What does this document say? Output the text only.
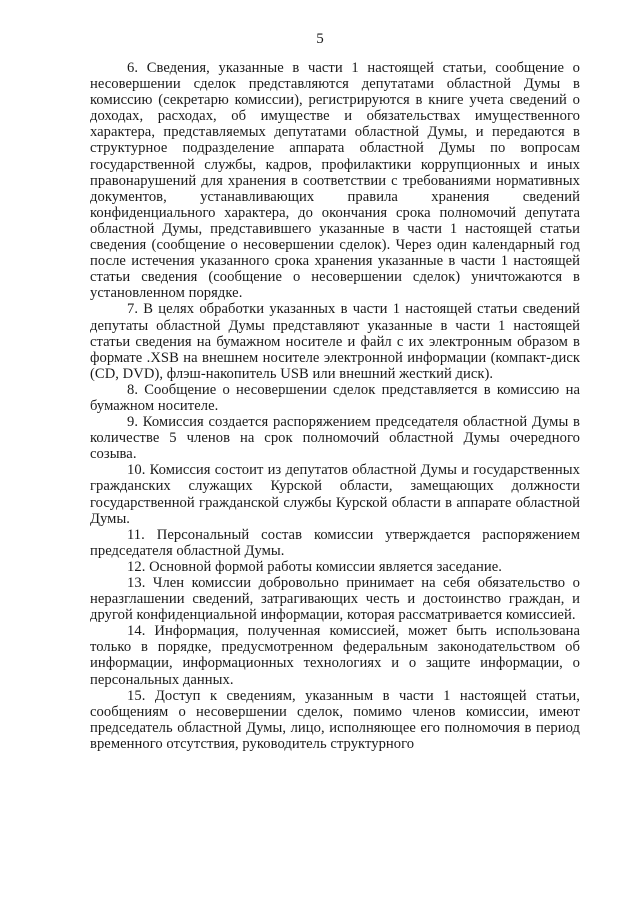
5

6. Сведения, указанные в части 1 настоящей статьи, сообщение о несовершении сделок представляются депутатами областной Думы в комиссию (секретарю комиссии), регистрируются в книге учета сведений о доходах, расходах, об имуществе и обязательствах имущественного характера, представляемых депутатами областной Думы, и передаются в структурное подразделение аппарата областной Думы по вопросам государственной службы, кадров, профилактики коррупционных и иных правонарушений для хранения в соответствии с требованиями нормативных документов, устанавливающих правила хранения сведений конфиденциального характера, до окончания срока полномочий депутата областной Думы, представившего указанные в части 1 настоящей статьи сведения (сообщение о несовершении сделок). Через один календарный год после истечения указанного срока хранения указанные в части 1 настоящей статьи сведения (сообщение о несовершении сделок) уничтожаются в установленном порядке.

7. В целях обработки указанных в части 1 настоящей статьи сведений депутаты областной Думы представляют указанные в части 1 настоящей статьи сведения на бумажном носителе и файл с их электронным образом в формате .XSB на внешнем носителе электронной информации (компакт-диск (CD, DVD), флэш-накопитель USB или внешний жесткий диск).

8. Сообщение о несовершении сделок представляется в комиссию на бумажном носителе.

9. Комиссия создается распоряжением председателя областной Думы в количестве 5 членов на срок полномочий областной Думы очередного созыва.

10. Комиссия состоит из депутатов областной Думы и государственных гражданских служащих Курской области, замещающих должности государственной гражданской службы Курской области в аппарате областной Думы.

11. Персональный состав комиссии утверждается распоряжением председателя областной Думы.

12. Основной формой работы комиссии является заседание.

13. Член комиссии добровольно принимает на себя обязательство о неразглашении сведений, затрагивающих честь и достоинство граждан, и другой конфиденциальной информации, которая рассматривается комиссией.

14. Информация, полученная комиссией, может быть использована только в порядке, предусмотренном федеральным законодательством об информации, информационных технологиях и о защите информации, о персональных данных.

15. Доступ к сведениям, указанным в части 1 настоящей статьи, сообщениям о несовершении сделок, помимо членов комиссии, имеют председатель областной Думы, лицо, исполняющее его полномочия в период временного отсутствия, руководитель структурного
